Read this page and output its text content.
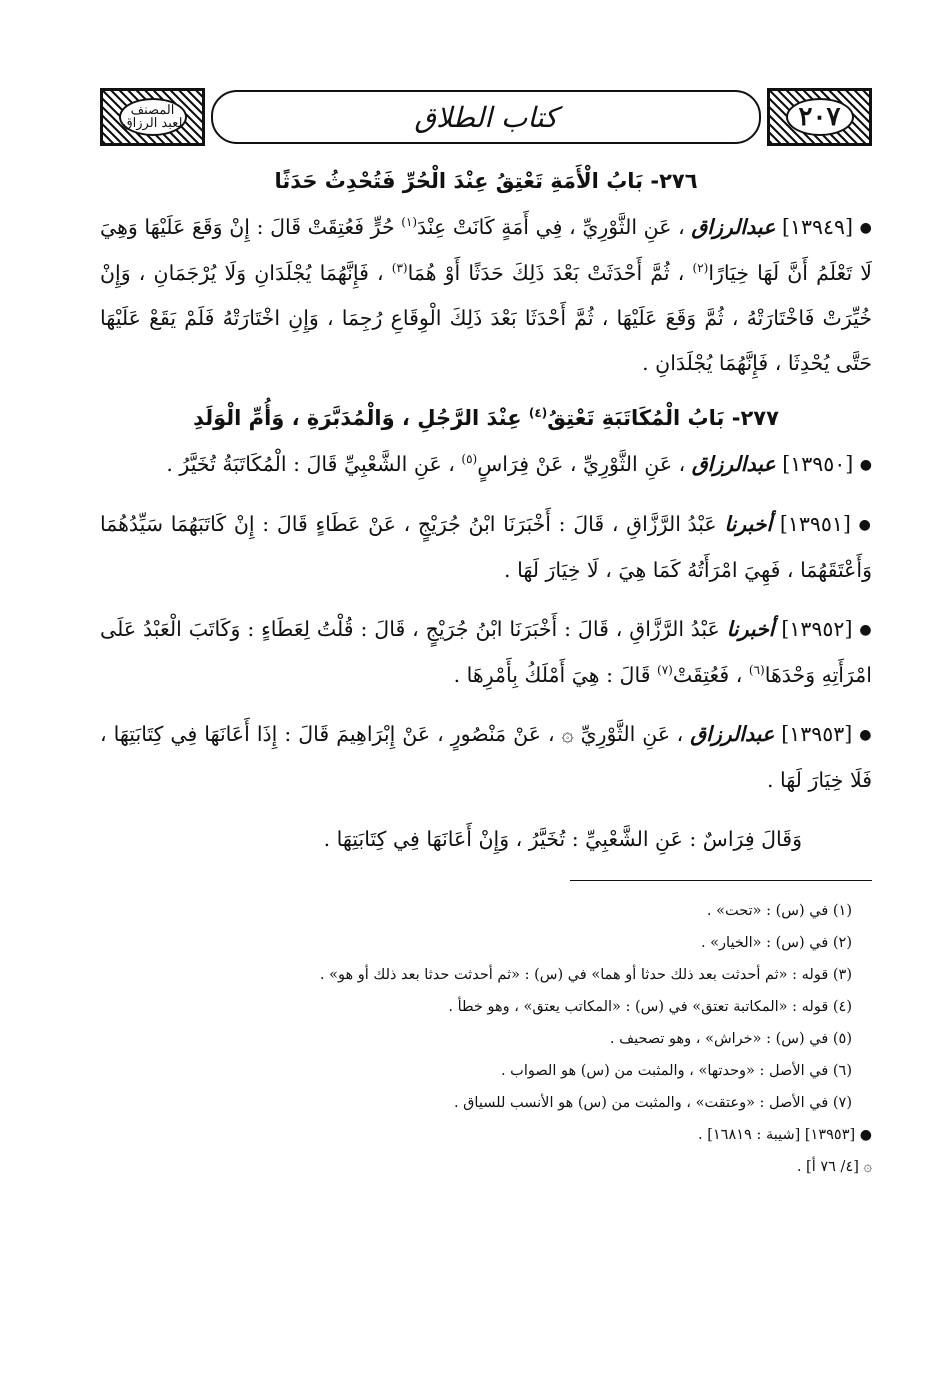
المصنف لعبد الرزاق	كتاب الطلاق	٢٠٧
٢٧٦- بَابُ الْأَمَةِ تَعْتِقُ عِنْدَ الْحُرِّ فَتُحْدِثُ حَدَثًا

● [١٣٩٤٩] عبدالرزاق ، عَنِ الثَّوْرِيِّ ، فِي أَمَةٍ كَانَتْ عِنْدَ$^{(١)}$ حُرٍّ فَعُتِقَتْ قَالَ : إِنْ وَقَعَ عَلَيْهَا وَهِيَ لَا تَعْلَمُ أَنَّ لَهَا خِيَارًا$^{(٢)}$ ، ثُمَّ أَحْدَثَتْ بَعْدَ ذَلِكَ حَدَثًا أَوْ هُمَا$^{(٣)}$ ، فَإِنَّهُمَا يُجْلَدَانِ وَلَا يُرْجَمَانِ ، وَإِنْ خُيِّرَتْ فَاخْتَارَتْهُ ، ثُمَّ وَقَعَ عَلَيْهَا ، ثُمَّ أَحْدَثَا بَعْدَ ذَلِكَ الْوِقَاعِ رُجِمَا ، وَإِنِ اخْتَارَتْهُ فَلَمْ يَقَعْ عَلَيْهَا حَتَّى يُحْدِثَا ، فَإِنَّهُمَا يُجْلَدَانِ .

٢٧٧- بَابُ الْمُكَاتَبَةِ تَعْتِقُ$^{(٤)}$ عِنْدَ الرَّجُلِ ، وَالْمُدَبَّرَةِ ، وَأُمِّ الْوَلَدِ

● [١٣٩٥٠] عبدالرزاق ، عَنِ الثَّوْرِيِّ ، عَنْ فِرَاسٍ$^{(٥)}$ ، عَنِ الشَّعْبِيِّ قَالَ : الْمُكَاتَبَةُ تُخَيَّرُ .

● [١٣٩٥١] أخبرنا عَبْدُ الرَّزَّاقِ ، قَالَ : أَخْبَرَنَا ابْنُ جُرَيْجٍ ، عَنْ عَطَاءٍ قَالَ : إِنْ كَاتَبَهُمَا سَيِّدُهُمَا وَأَعْتَقَهُمَا ، فَهِيَ امْرَأَتُهُ كَمَا هِيَ ، لَا خِيَارَ لَهَا .

● [١٣٩٥٢] أخبرنا عَبْدُ الرَّزَّاقِ ، قَالَ : أَخْبَرَنَا ابْنُ جُرَيْجٍ ، قَالَ : قُلْتُ لِعَطَاءٍ : وَكَاتَبَ الْعَبْدُ عَلَى امْرَأَتِهِ وَحْدَهَا$^{(٦)}$ ، فَعُتِقَتْ$^{(٧)}$ قَالَ : هِيَ أَمْلَكُ بِأَمْرِهَا .

● [١٣٩٥٣] عبدالرزاق ، عَنِ الثَّوْرِيِّ ۞ ، عَنْ مَنْصُورٍ ، عَنْ إِبْرَاهِيمَ قَالَ : إِذَا أَعَانَهَا فِي كِتَابَتِهَا ، فَلَا خِيَارَ لَهَا .

وَقَالَ فِرَاسٌ : عَنِ الشَّعْبِيِّ : تُخَيَّرُ ، وَإِنْ أَعَانَهَا فِي كِتَابَتِهَا .

(١) في (س) : «تحت» .
(٢) في (س) : «الخيار» .
(٣) قوله : «ثم أحدثت بعد ذلك حدثا أو هما» في (س) : «ثم أحدثت حدثا بعد ذلك أو هو» .
(٤) قوله : «المكاتبة تعتق» في (س) : «المكاتب يعتق» ، وهو خطأ .
(٥) في (س) : «خراش» ، وهو تصحيف .
(٦) في الأصل : «وحدتها» ، والمثبت من (س) هو الصواب .
(٧) في الأصل : «وعتقت» ، والمثبت من (س) هو الأنسب للسياق .
● [١٣٩٥٣] [شيبة : ١٦٨١٩] .
۞ [٤/ ٧٦ أ] .
